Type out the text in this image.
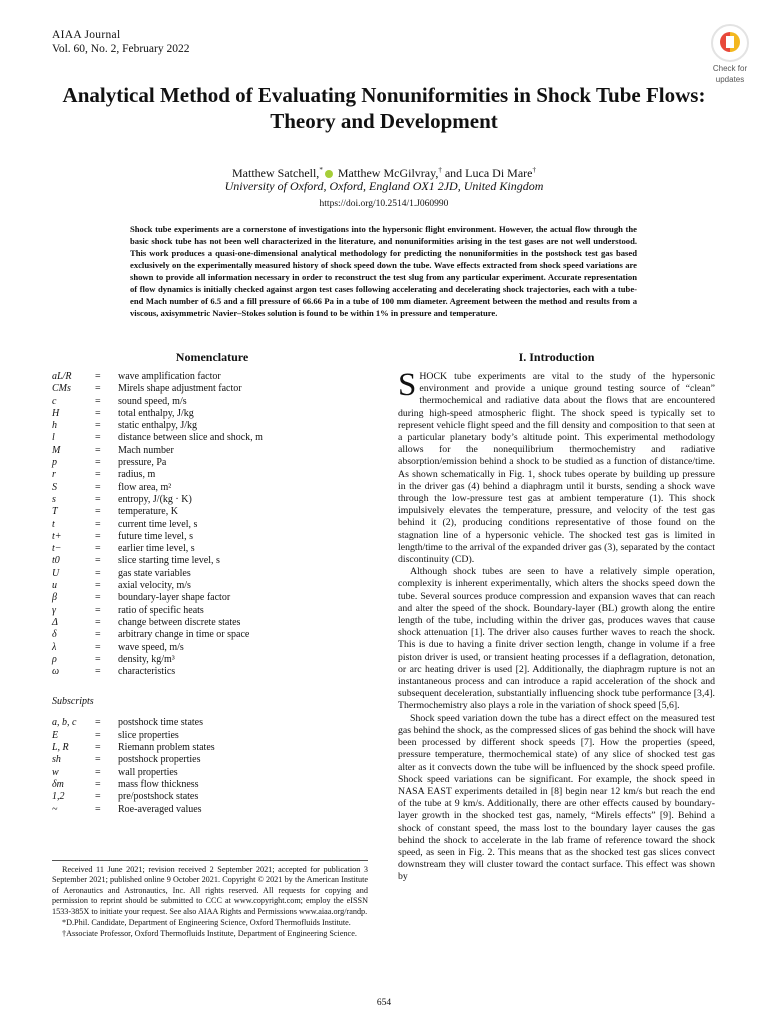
AIAA Journal
Vol. 60, No. 2, February 2022
Check for
updates
Analytical Method of Evaluating Nonuniformities in Shock Tube Flows: Theory and Development
Matthew Satchell,* Matthew McGilvray,† and Luca Di Mare†
University of Oxford, Oxford, England OX1 2JD, United Kingdom
https://doi.org/10.2514/1.J060990
Shock tube experiments are a cornerstone of investigations into the hypersonic flight environment. However, the actual flow through the basic shock tube has not been well characterized in the literature, and nonuniformities arising in the test gases are not well understood. This work produces a quasi-one-dimensional analytical methodology for predicting the nonuniformities in the postshock test gas based exclusively on the experimentally measured history of shock speed down the tube. Wave effects extracted from shock speed variations are shown to provide all information necessary in order to reconstruct the test slug from any particular experiment. Accurate representation of flow dynamics is initially checked against argon test cases following accelerating and decelerating shock trajectories, each with a tube-end Mach number of 6.5 and a fill pressure of 66.66 Pa in a tube of 100 mm diameter. Agreement between the method and results from a viscous, axisymmetric Navier–Stokes solution is found to be within 1% in pressure and temperature.
Nomenclature
aL/R	=	wave amplification factor
CMs	=	Mirels shape adjustment factor
c	=	sound speed, m/s
H	=	total enthalpy, J/kg
h	=	static enthalpy, J/kg
l	=	distance between slice and shock, m
M	=	Mach number
p	=	pressure, Pa
r	=	radius, m
S	=	flow area, m²
s	=	entropy, J/(kg · K)
T	=	temperature, K
t	=	current time level, s
t+	=	future time level, s
t−	=	earlier time level, s
t0	=	slice starting time level, s
U	=	gas state variables
u	=	axial velocity, m/s
β	=	boundary-layer shape factor
γ	=	ratio of specific heats
Δ	=	change between discrete states
δ	=	arbitrary change in time or space
λ	=	wave speed, m/s
ρ	=	density, kg/m³
ω	=	characteristics
Subscripts
a, b, c	=	postshock time states
E	=	slice properties
L, R	=	Riemann problem states
sh	=	postshock properties
w	=	wall properties
δm	=	mass flow thickness
1,2	=	pre/postshock states
~	=	Roe-averaged values

Received 11 June 2021; revision received 2 September 2021; accepted for publication 3 September 2021; published online 9 October 2021. Copyright © 2021 by the American Institute of Aeronautics and Astronautics, Inc. All rights reserved. All requests for copying and permission to reprint should be submitted to CCC at www.copyright.com; employ the eISSN 1533-385X to initiate your request. See also AIAA Rights and Permissions www.aiaa.org/randp.

*D.Phil. Candidate, Department of Engineering Science, Oxford Thermofluids Institute.

†Associate Professor, Oxford Thermofluids Institute, Department of Engineering Science.

I. Introduction

SHOCK tube experiments are vital to the study of the hypersonic environment and provide a unique ground testing source of “clean” thermochemical and radiative data about the flows that are encountered during high-speed atmospheric flight. The shock speed is typically set to represent vehicle flight speed and the fill density and composition to that seen at a particular planetary body’s altitude point. This experimental methodology allows for the nonequilibrium thermochemistry and radiative absorption/emission behind a shock to be studied as a function of distance/time. As shown schematically in Fig. 1, shock tubes operate by building up pressure in the driver gas (4) behind a diaphragm until it bursts, sending a shock wave through the low-pressure test gas at ambient temperature (1). This shock impulsively elevates the temperature, pressure, and velocity of the test gas behind it (2), producing conditions representative of those found on the stagnation line of a hypersonic vehicle. The shocked test gas is limited in length/time to the arrival of the expanded driver gas (3), separated by the contact discontinuity (CD).

Although shock tubes are seen to have a relatively simple operation, complexity is inherent experimentally, which alters the shocks speed down the tube. Several sources produce compression and expansion waves that can reach and alter the speed of the shock. Boundary-layer (BL) growth along the entire length of the tube, including within the driver gas, produces waves that cause shock attenuation [1]. The driver also causes further waves to reach the shock. This is due to having a finite driver section length, change in volume if a free piston driver is used, or transient heating processes if a deflagration, detonation, or arc heating driver is used [2]. Additionally, the diaphragm rupture is not an instantaneous process and can introduce a rapid acceleration of the shock and subsequent deceleration, substantially influencing shock tube performance [3,4]. Thermochemistry also plays a role in the variation of shock speed [5,6].

Shock speed variation down the tube has a direct effect on the measured test gas behind the shock, as the compressed slices of gas behind the shock will have been processed by different shock speeds [7]. How the properties (speed, pressure temperature, thermochemical state) of any slice of shocked test gas alter as it convects down the tube will be influenced by the shock speed profile. Shock speed variations can be significant. For example, the shock speed in NASA EAST experiments detailed in [8] begin near 12 km/s but reach the end of the tube at 9 km/s. Additionally, there are other effects caused by boundary-layer growth in the shocked test gas, namely, “Mirels effects” [9]. Behind a shock of constant speed, the mass lost to the boundary layer causes the gas behind the shock to accelerate in the lab frame of reference toward the shock speed, as seen in Fig. 2. This means that as the shocked test gas slices convect downstream they will cluster toward the contact surface. This effect was shown by

654
